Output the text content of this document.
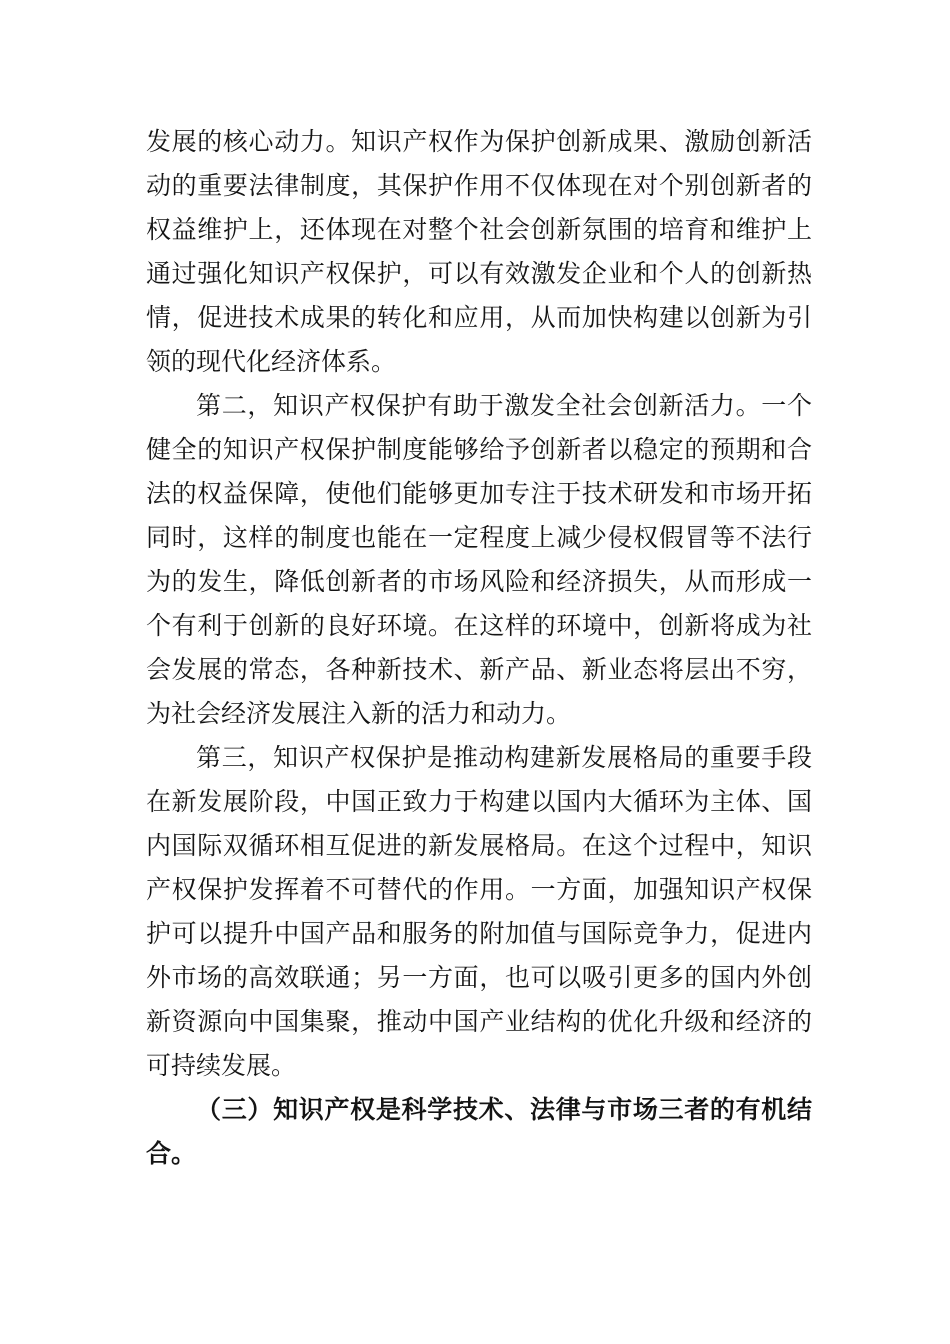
发展的核心动力。知识产权作为保护创新成果、激励创新活
动的重要法律制度，其保护作用不仅体现在对个别创新者的
权益维护上，还体现在对整个社会创新氛围的培育和维护上
通过强化知识产权保护，可以有效激发企业和个人的创新热
情，促进技术成果的转化和应用，从而加快构建以创新为引
领的现代化经济体系。
第二，知识产权保护有助于激发全社会创新活力。一个
健全的知识产权保护制度能够给予创新者以稳定的预期和合
法的权益保障，使他们能够更加专注于技术研发和市场开拓
同时，这样的制度也能在一定程度上减少侵权假冒等不法行
为的发生，降低创新者的市场风险和经济损失，从而形成一
个有利于创新的良好环境。在这样的环境中，创新将成为社
会发展的常态，各种新技术、新产品、新业态将层出不穷，
为社会经济发展注入新的活力和动力。
第三，知识产权保护是推动构建新发展格局的重要手段
在新发展阶段，中国正致力于构建以国内大循环为主体、国
内国际双循环相互促进的新发展格局。在这个过程中，知识
产权保护发挥着不可替代的作用。一方面，加强知识产权保
护可以提升中国产品和服务的附加值与国际竞争力，促进内
外市场的高效联通；另一方面，也可以吸引更多的国内外创
新资源向中国集聚，推动中国产业结构的优化升级和经济的
可持续发展。
（三）知识产权是科学技术、法律与市场三者的有机结
合。
